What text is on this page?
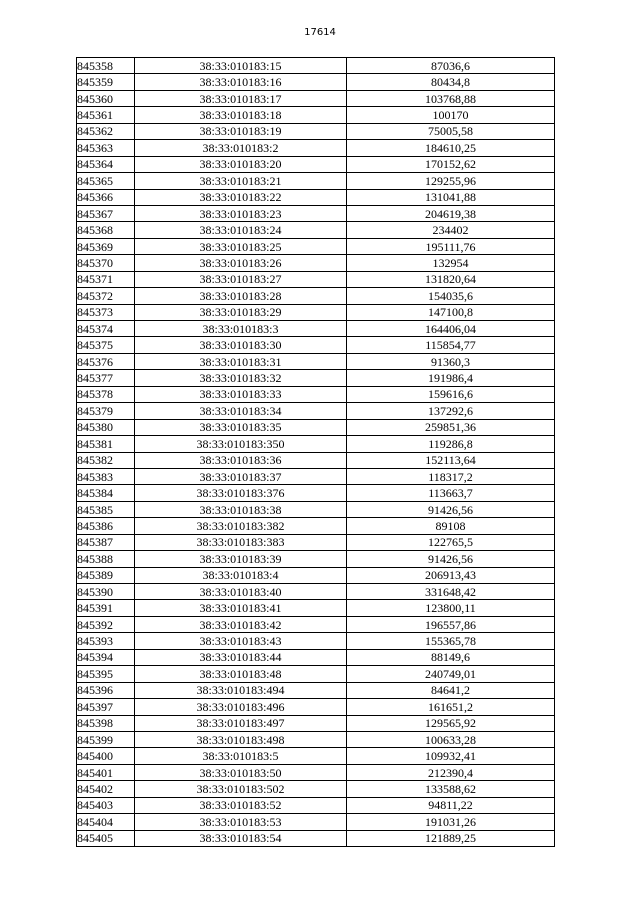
17614
845358	38:33:010183:15	87036,6
845359	38:33:010183:16	80434,8
845360	38:33:010183:17	103768,88
845361	38:33:010183:18	100170
845362	38:33:010183:19	75005,58
845363	38:33:010183:2	184610,25
845364	38:33:010183:20	170152,62
845365	38:33:010183:21	129255,96
845366	38:33:010183:22	131041,88
845367	38:33:010183:23	204619,38
845368	38:33:010183:24	234402
845369	38:33:010183:25	195111,76
845370	38:33:010183:26	132954
845371	38:33:010183:27	131820,64
845372	38:33:010183:28	154035,6
845373	38:33:010183:29	147100,8
845374	38:33:010183:3	164406,04
845375	38:33:010183:30	115854,77
845376	38:33:010183:31	91360,3
845377	38:33:010183:32	191986,4
845378	38:33:010183:33	159616,6
845379	38:33:010183:34	137292,6
845380	38:33:010183:35	259851,36
845381	38:33:010183:350	119286,8
845382	38:33:010183:36	152113,64
845383	38:33:010183:37	118317,2
845384	38:33:010183:376	113663,7
845385	38:33:010183:38	91426,56
845386	38:33:010183:382	89108
845387	38:33:010183:383	122765,5
845388	38:33:010183:39	91426,56
845389	38:33:010183:4	206913,43
845390	38:33:010183:40	331648,42
845391	38:33:010183:41	123800,11
845392	38:33:010183:42	196557,86
845393	38:33:010183:43	155365,78
845394	38:33:010183:44	88149,6
845395	38:33:010183:48	240749,01
845396	38:33:010183:494	84641,2
845397	38:33:010183:496	161651,2
845398	38:33:010183:497	129565,92
845399	38:33:010183:498	100633,28
845400	38:33:010183:5	109932,41
845401	38:33:010183:50	212390,4
845402	38:33:010183:502	133588,62
845403	38:33:010183:52	94811,22
845404	38:33:010183:53	191031,26
845405	38:33:010183:54	121889,25
